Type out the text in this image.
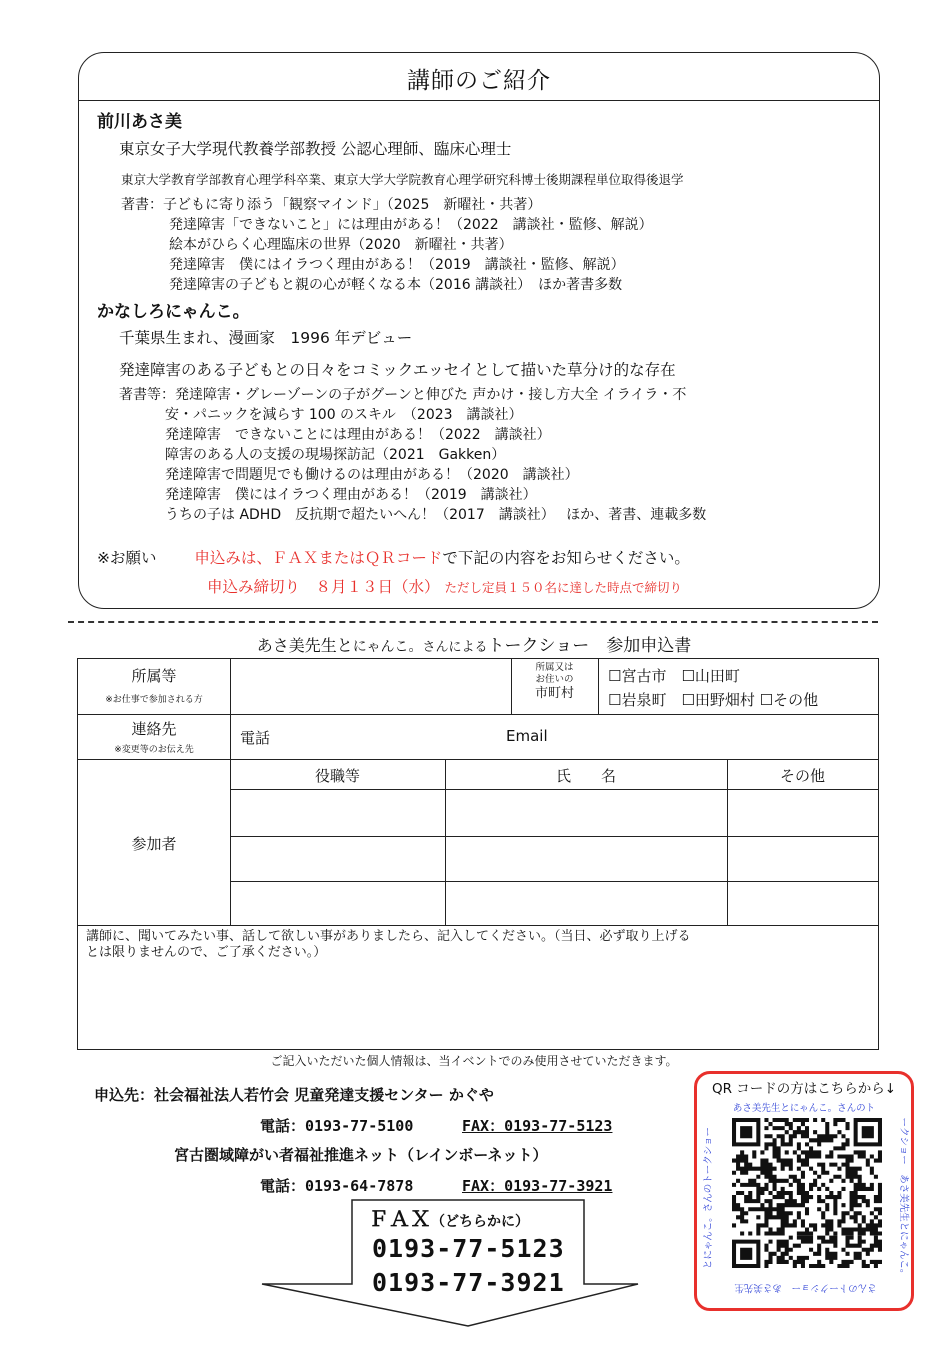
講師のご紹介
前川あさ美
東京女子大学現代教養学部教授 公認心理師、臨床心理士
東京大学教育学部教育心理学科卒業、東京大学大学院教育心理学研究科博士後期課程単位取得後退学
著書：子どもに寄り添う「観察マインド」（2025　新曜社・共著）
発達障害「できないこと」には理由がある！（2022　講談社・監修、解説）
絵本がひらく心理臨床の世界（2020　新曜社・共著）
発達障害　僕にはイラつく理由がある！（2019　講談社・監修、解説）
発達障害の子どもと親の心が軽くなる本（2016 講談社）　ほか著書多数
かなしろにゃんこ。
千葉県生まれ、漫画家　1996 年デビュー
発達障害のある子どもとの日々をコミックエッセイとして描いた草分け的な存在
著書等：発達障害・グレーゾーンの子がグーンと伸びた 声かけ・接し方大全 イライラ・不
安・パニックを減らす 100 のスキル　（2023　講談社）
発達障害　できないことには理由がある！（2022　講談社）
障害のある人の支援の現場探訪記（2021　Gakken）
発達障害で問題児でも働けるのは理由がある！（2020　講談社）
発達障害　僕にはイラつく理由がある！（2019　講談社）
うちの子は ADHD　反抗期で超たいへん！（2017　講談社）　 ほか、著書、連載多数
※お願い 申込みは、ＦＡＸまたはＱＲコードで下記の内容をお知らせください。
申込み締切り　８月１３日（水） ただし定員１５０名に達した時点で締切り
あさ美先生とにゃんこ。さんによるトークショー　参加申込書
所属等
※お仕事で参加される方
所属又は
お住いの
市町村
☐宮古市　☐山田町
☐岩泉町　☐田野畑村 ☐その他
連絡先
※変更等のお伝え先
電話	Email
参加者
役職等	氏　　名	その他
講師に、聞いてみたい事、話して欲しい事がありましたら、記入してください。（当日、必ず取り上げる
とは限りませんので、ご了承ください。）
ご記入いただいた個人情報は、当イベントでのみ使用させていただきます。
申込先：社会福祉法人若竹会 児童発達支援センター かぐや
電話：0193-77-5100	FAX：0193-77-5123
宮古圏域障がい者福祉推進ネット（レインボーネット）
電話：0193-64-7878	FAX：0193-77-3921
ＦＡＸ（どちらかに）
0193-77-5123
0193-77-3921
QR コードの方はこちらから↓
あさ美先生とにゃんこ。さんのト
さんのトークショー　あさ美先生
ークショー　あさ美先生とにゃんこ。
とにゃんこ。さんのトークショー
